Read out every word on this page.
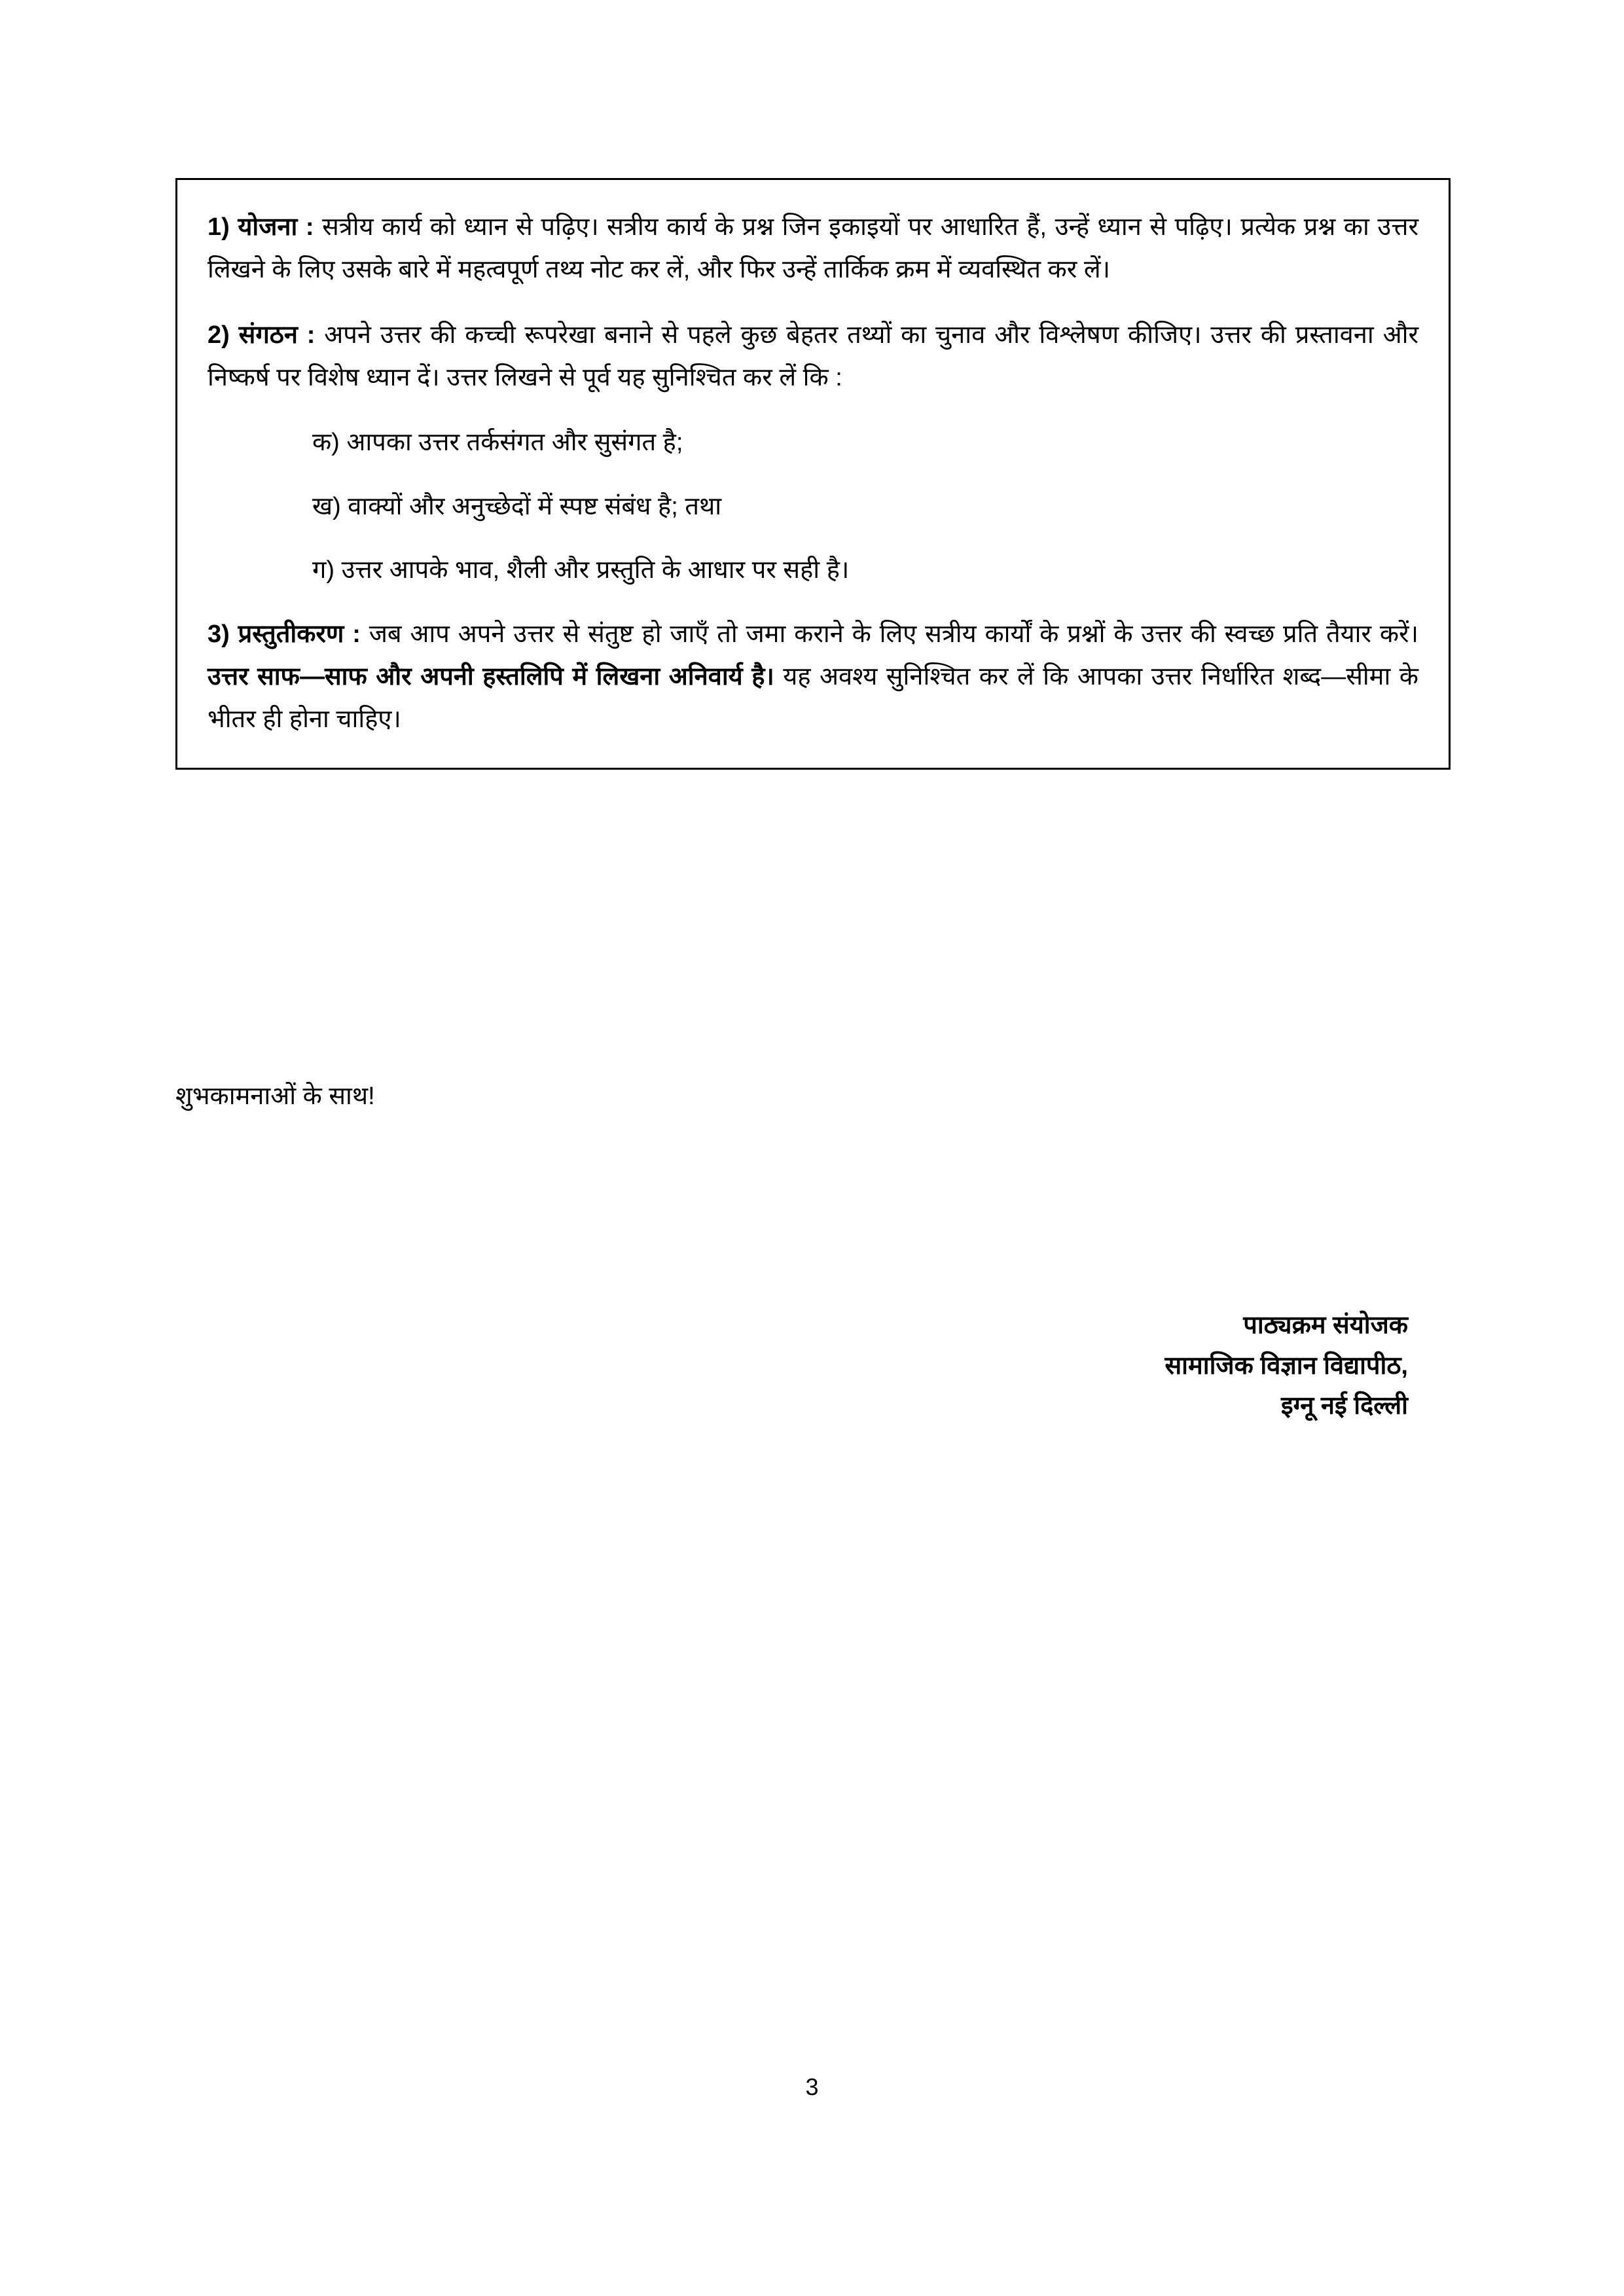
1) योजना : सत्रीय कार्य को ध्यान से पढ़िए। सत्रीय कार्य के प्रश्न जिन इकाइयों पर आधारित हैं, उन्हें ध्यान से पढ़िए। प्रत्येक प्रश्न का उत्तर लिखने के लिए उसके बारे में महत्वपूर्ण तथ्य नोट कर लें, और फिर उन्हें तार्किक क्रम में व्यवस्थित कर लें।

2) संगठन : अपने उत्तर की कच्ची रूपरेखा बनाने से पहले कुछ बेहतर तथ्यों का चुनाव और विश्लेषण कीजिए। उत्तर की प्रस्तावना और निष्कर्ष पर विशेष ध्यान दें। उत्तर लिखने से पूर्व यह सुनिश्चित कर लें कि :

क) आपका उत्तर तर्कसंगत और सुसंगत है;
ख) वाक्यों और अनुच्छेदों में स्पष्ट संबंध है; तथा
ग) उत्तर आपके भाव, शैली और प्रस्तुति के आधार पर सही है।

3) प्रस्तुतीकरण : जब आप अपने उत्तर से संतुष्ट हो जाएँ तो जमा कराने के लिए सत्रीय कार्यों के प्रश्नों के उत्तर की स्वच्छ प्रति तैयार करें। उत्तर साफ—साफ और अपनी हस्तलिपि में लिखना अनिवार्य है। यह अवश्य सुनिश्चित कर लें कि आपका उत्तर निर्धारित शब्द—सीमा के भीतर ही होना चाहिए।

शुभकामनाओं के साथ!
पाठ्यक्रम संयोजक
सामाजिक विज्ञान विद्यापीठ,
इग्नू नई दिल्ली
3
